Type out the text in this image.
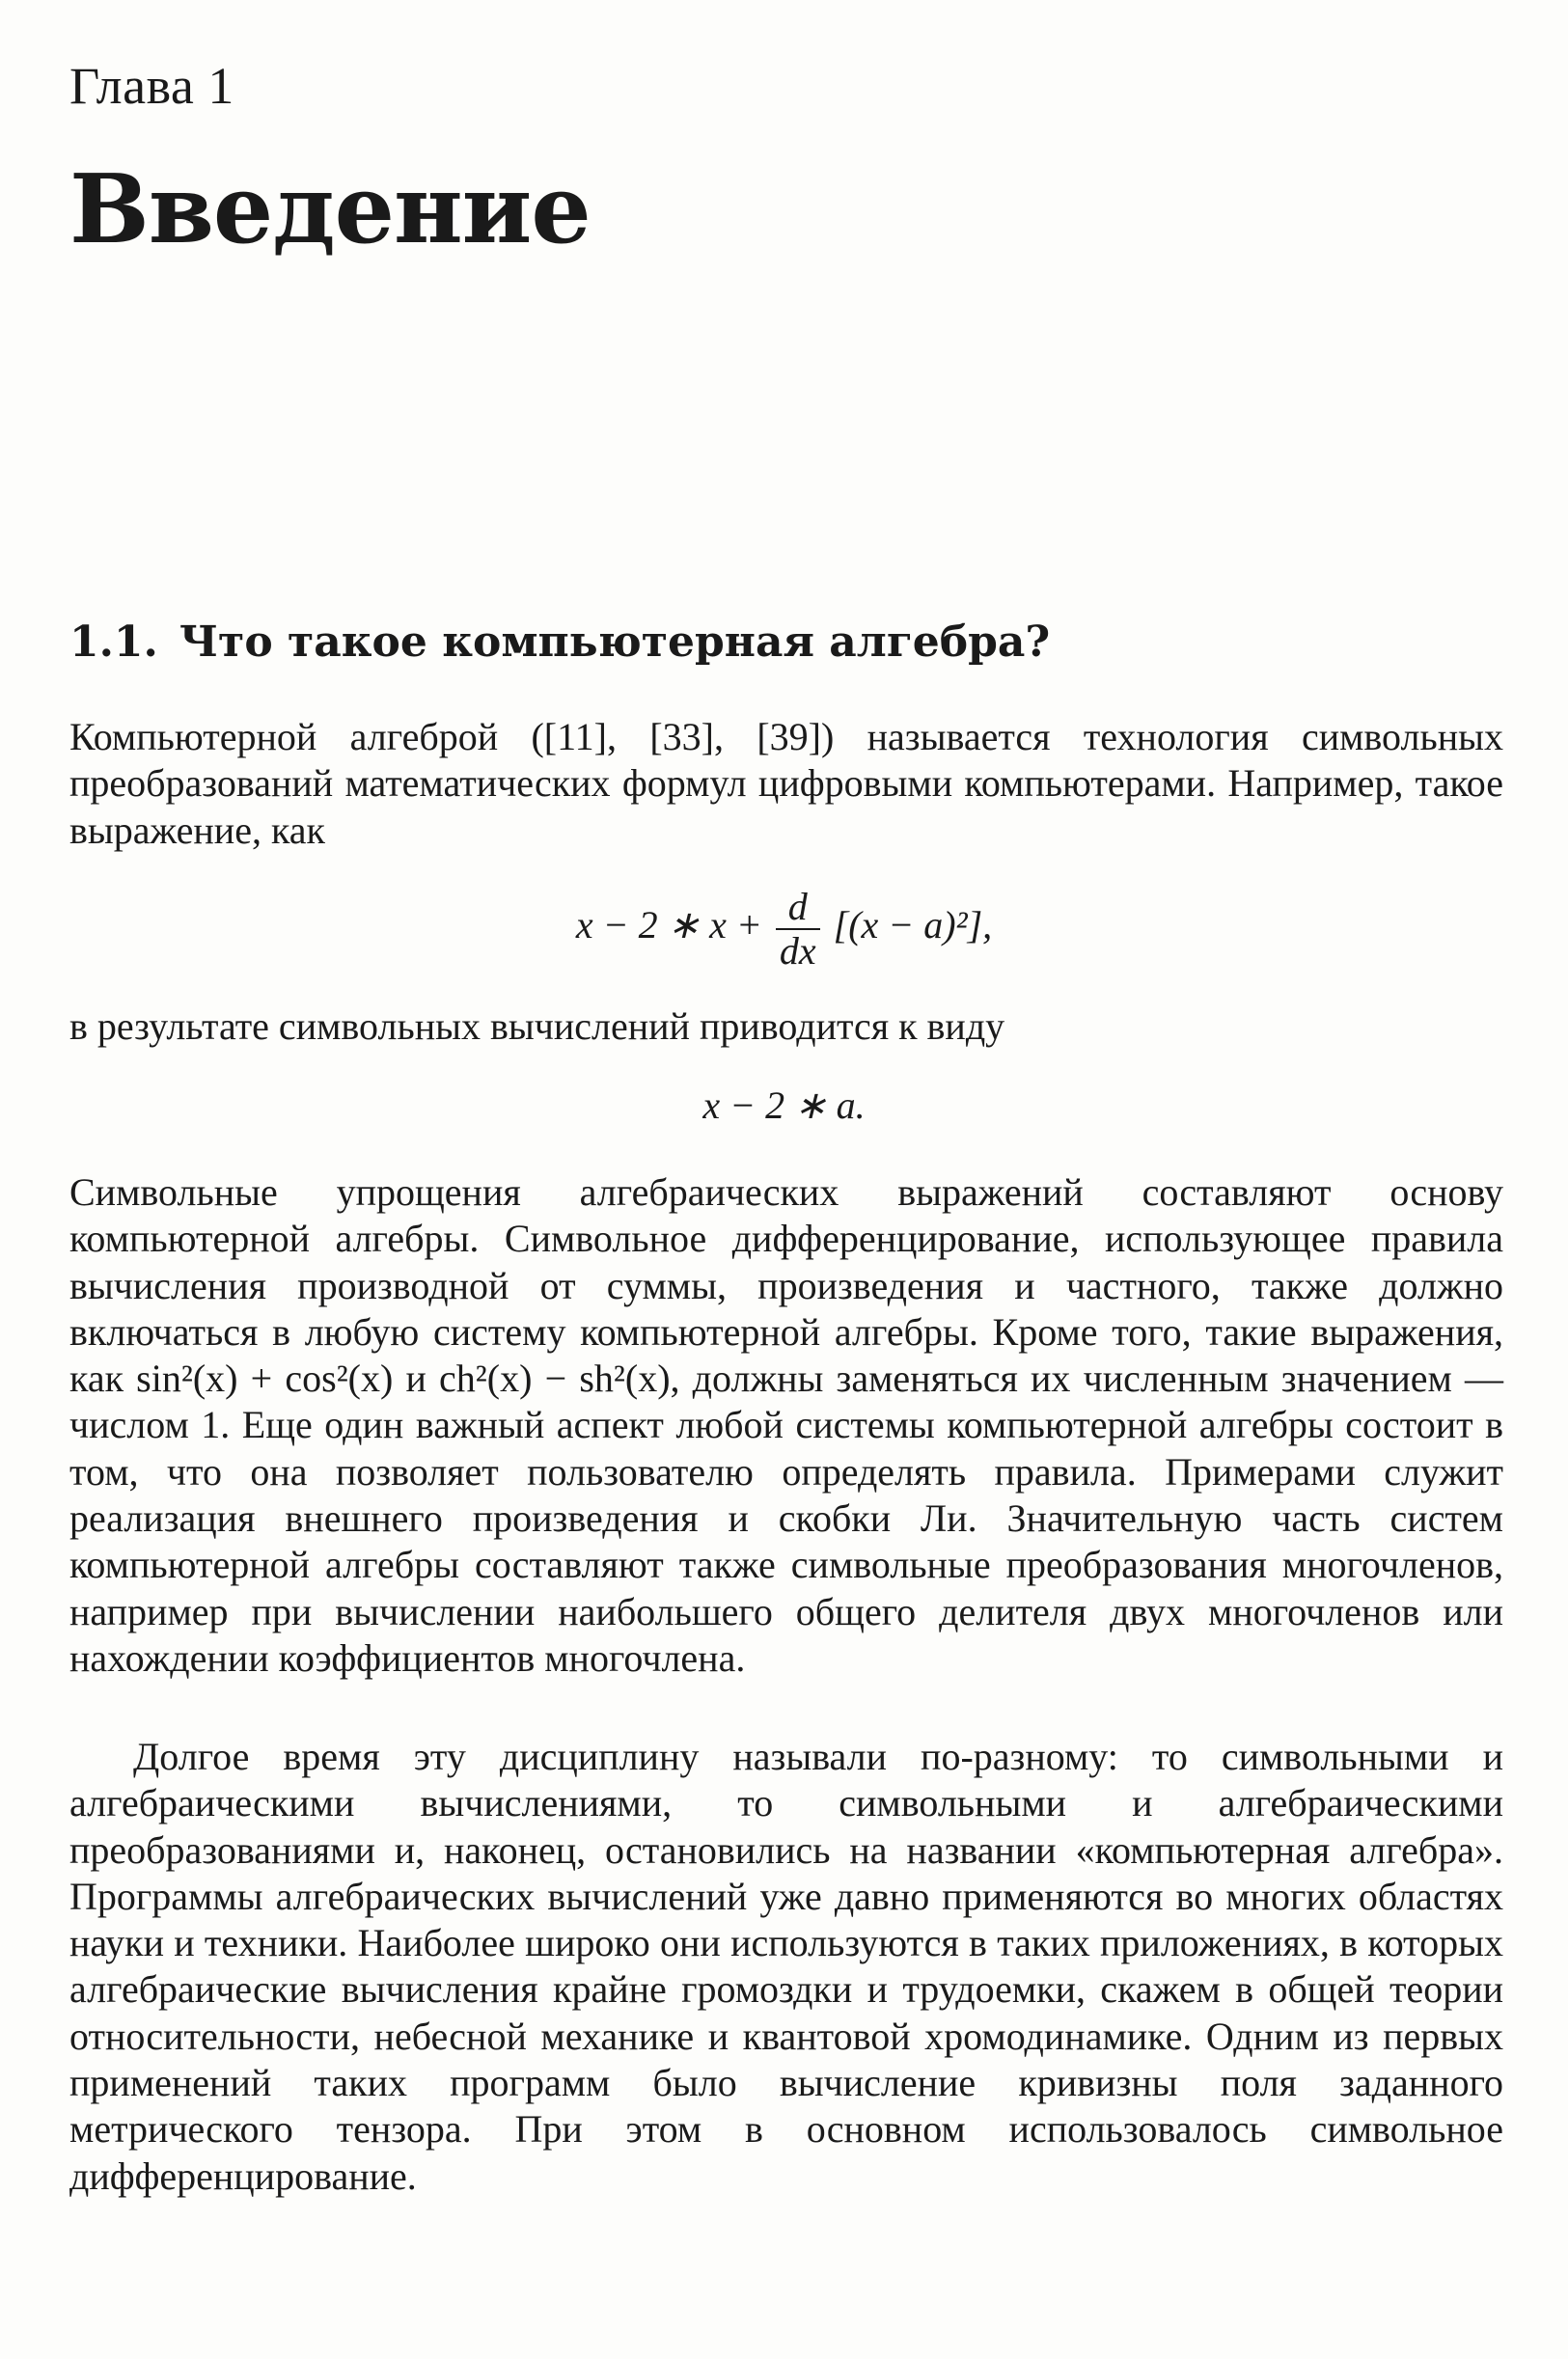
Глава 1
Введение
1.1. Что такое компьютерная алгебра?

Компьютерной алгеброй ([11], [33], [39]) называется технология символьных преобразований математических формул цифровыми компьютерами. Например, такое выражение, как

x − 2 ∗ $x + \frac{d}{dx} [(x - a)^2]$,

в результате символьных вычислений приводится к виду

x − 2 ∗ a.

Символьные упрощения алгебраических выражений составляют основу компьютерной алгебры. Символьное дифференцирование, использующее правила вычисления производной от суммы, произведения и частного, также должно включаться в любую систему компьютерной алгебры. Кроме того, такие выражения, как sin²(x) + cos²(x) и ch²(x) − sh²(x), должны заменяться их численным значением — числом 1. Еще один важный аспект любой системы компьютерной алгебры состоит в том, что она позволяет пользователю определять правила. Примерами служит реализация внешнего произведения и скобки Ли. Значительную часть систем компьютерной алгебры составляют также символьные преобразования многочленов, например при вычислении наибольшего общего делителя двух многочленов или нахождении коэффициентов многочлена.

Долгое время эту дисциплину называли по-разному: то символьными и алгебраическими вычислениями, то символьными и алгебраическими преобразованиями и, наконец, остановились на названии «компьютерная алгебра». Программы алгебраических вычислений уже давно применяются во многих областях науки и техники. Наиболее широко они используются в таких приложениях, в которых алгебраические вычисления крайне громоздки и трудоемки, скажем в общей теории относительности, небесной механике и квантовой хромодинамике. Одним из первых применений таких программ было вычисление кривизны поля заданного метрического тензора. При этом в основном использовалось символьное дифференцирование.
